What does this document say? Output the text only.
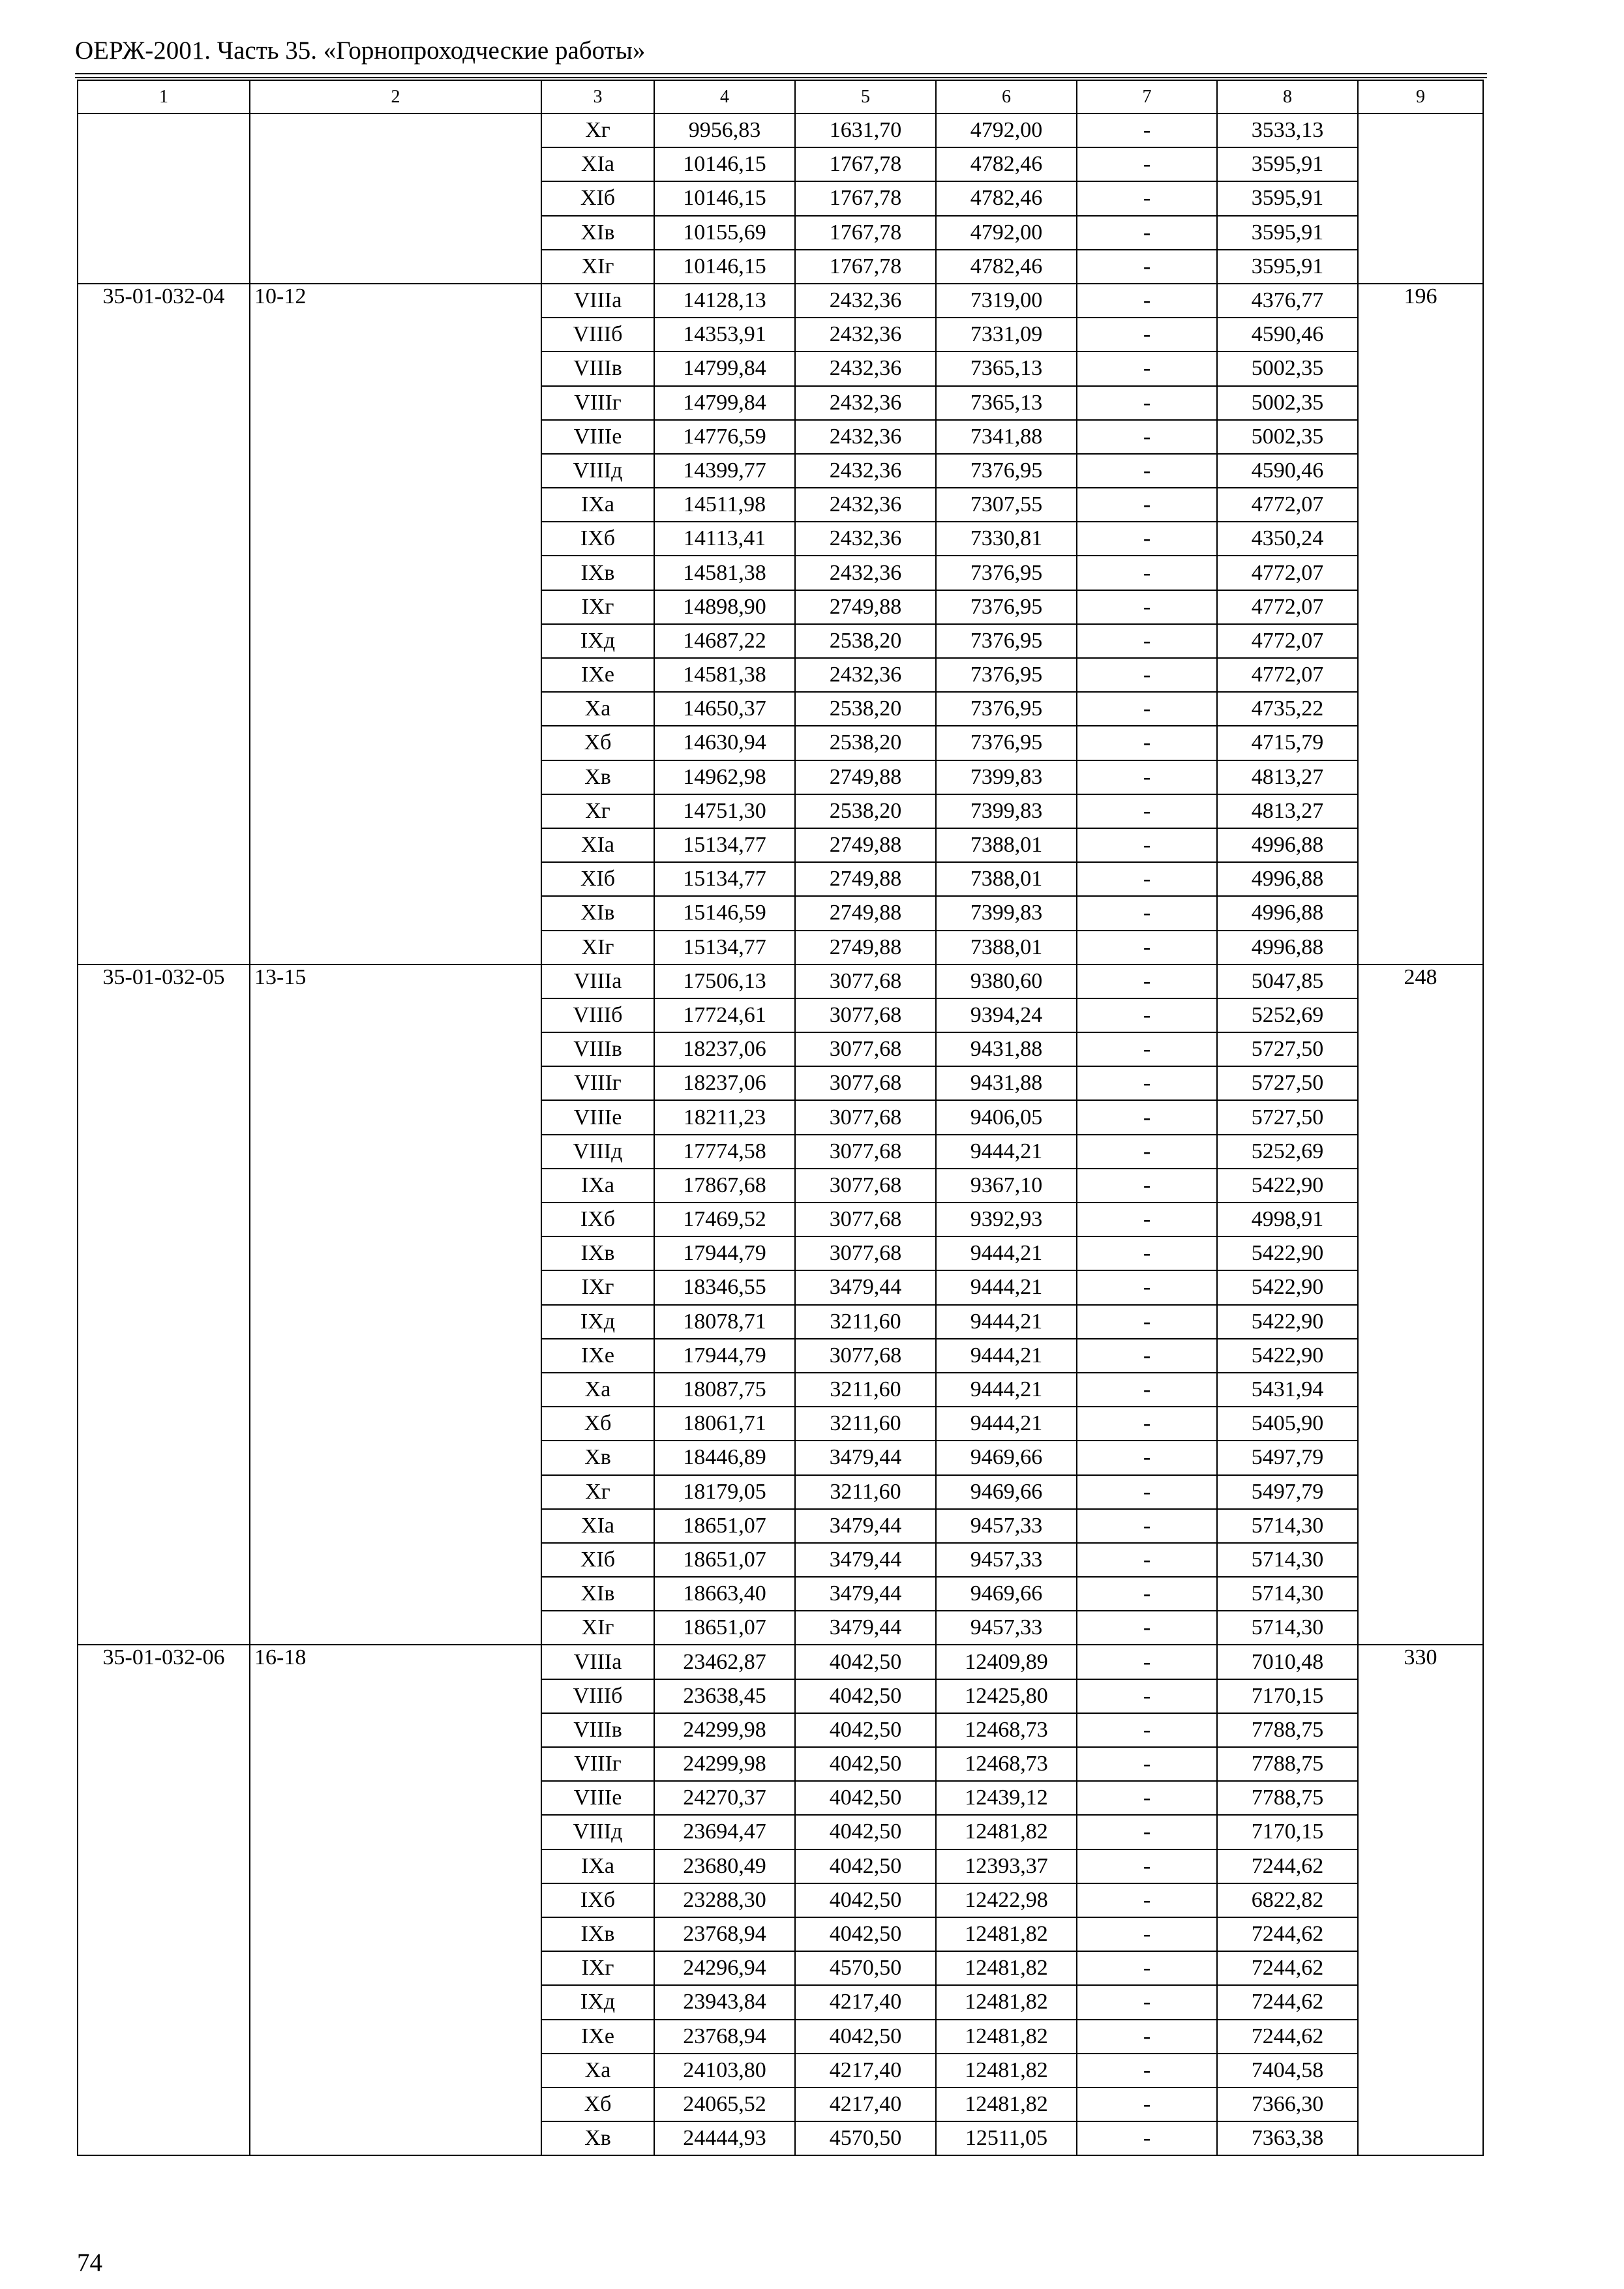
ОЕРЖ-2001. Часть 35. «Горнопроходческие работы»
1	2	3	4	5	6	7	8	9
		Xг	9956,83	1631,70	4792,00	-	3533,13	
		XIa	10146,15	1767,78	4782,46	-	3595,91	
		XIб	10146,15	1767,78	4782,46	-	3595,91	
		XIв	10155,69	1767,78	4792,00	-	3595,91	
		XIг	10146,15	1767,78	4782,46	-	3595,91	
35-01-032-04	10-12	VIIIa	14128,13	2432,36	7319,00	-	4376,77	196
		VIIIб	14353,91	2432,36	7331,09	-	4590,46	
		VIIIв	14799,84	2432,36	7365,13	-	5002,35	
		VIIIг	14799,84	2432,36	7365,13	-	5002,35	
		VIIIе	14776,59	2432,36	7341,88	-	5002,35	
		VIIIд	14399,77	2432,36	7376,95	-	4590,46	
		IXa	14511,98	2432,36	7307,55	-	4772,07	
		IXб	14113,41	2432,36	7330,81	-	4350,24	
		IXв	14581,38	2432,36	7376,95	-	4772,07	
		IXг	14898,90	2749,88	7376,95	-	4772,07	
		IXд	14687,22	2538,20	7376,95	-	4772,07	
		IXе	14581,38	2432,36	7376,95	-	4772,07	
		Xa	14650,37	2538,20	7376,95	-	4735,22	
		Xб	14630,94	2538,20	7376,95	-	4715,79	
		Xв	14962,98	2749,88	7399,83	-	4813,27	
		Xг	14751,30	2538,20	7399,83	-	4813,27	
		XIa	15134,77	2749,88	7388,01	-	4996,88	
		XIб	15134,77	2749,88	7388,01	-	4996,88	
		XIв	15146,59	2749,88	7399,83	-	4996,88	
		XIг	15134,77	2749,88	7388,01	-	4996,88	
35-01-032-05	13-15	VIIIa	17506,13	3077,68	9380,60	-	5047,85	248
		VIIIб	17724,61	3077,68	9394,24	-	5252,69	
		VIIIв	18237,06	3077,68	9431,88	-	5727,50	
		VIIIг	18237,06	3077,68	9431,88	-	5727,50	
		VIIIе	18211,23	3077,68	9406,05	-	5727,50	
		VIIIд	17774,58	3077,68	9444,21	-	5252,69	
		IXa	17867,68	3077,68	9367,10	-	5422,90	
		IXб	17469,52	3077,68	9392,93	-	4998,91	
		IXв	17944,79	3077,68	9444,21	-	5422,90	
		IXг	18346,55	3479,44	9444,21	-	5422,90	
		IXд	18078,71	3211,60	9444,21	-	5422,90	
		IXе	17944,79	3077,68	9444,21	-	5422,90	
		Xa	18087,75	3211,60	9444,21	-	5431,94	
		Xб	18061,71	3211,60	9444,21	-	5405,90	
		Xв	18446,89	3479,44	9469,66	-	5497,79	
		Xг	18179,05	3211,60	9469,66	-	5497,79	
		XIa	18651,07	3479,44	9457,33	-	5714,30	
		XIб	18651,07	3479,44	9457,33	-	5714,30	
		XIв	18663,40	3479,44	9469,66	-	5714,30	
		XIг	18651,07	3479,44	9457,33	-	5714,30	
35-01-032-06	16-18	VIIIa	23462,87	4042,50	12409,89	-	7010,48	330
		VIIIб	23638,45	4042,50	12425,80	-	7170,15	
		VIIIв	24299,98	4042,50	12468,73	-	7788,75	
		VIIIг	24299,98	4042,50	12468,73	-	7788,75	
		VIIIе	24270,37	4042,50	12439,12	-	7788,75	
		VIIIд	23694,47	4042,50	12481,82	-	7170,15	
		IXa	23680,49	4042,50	12393,37	-	7244,62	
		IXб	23288,30	4042,50	12422,98	-	6822,82	
		IXв	23768,94	4042,50	12481,82	-	7244,62	
		IXг	24296,94	4570,50	12481,82	-	7244,62	
		IXд	23943,84	4217,40	12481,82	-	7244,62	
		IXе	23768,94	4042,50	12481,82	-	7244,62	
		Xa	24103,80	4217,40	12481,82	-	7404,58	
		Xб	24065,52	4217,40	12481,82	-	7366,30	
		Xв	24444,93	4570,50	12511,05	-	7363,38	
74
